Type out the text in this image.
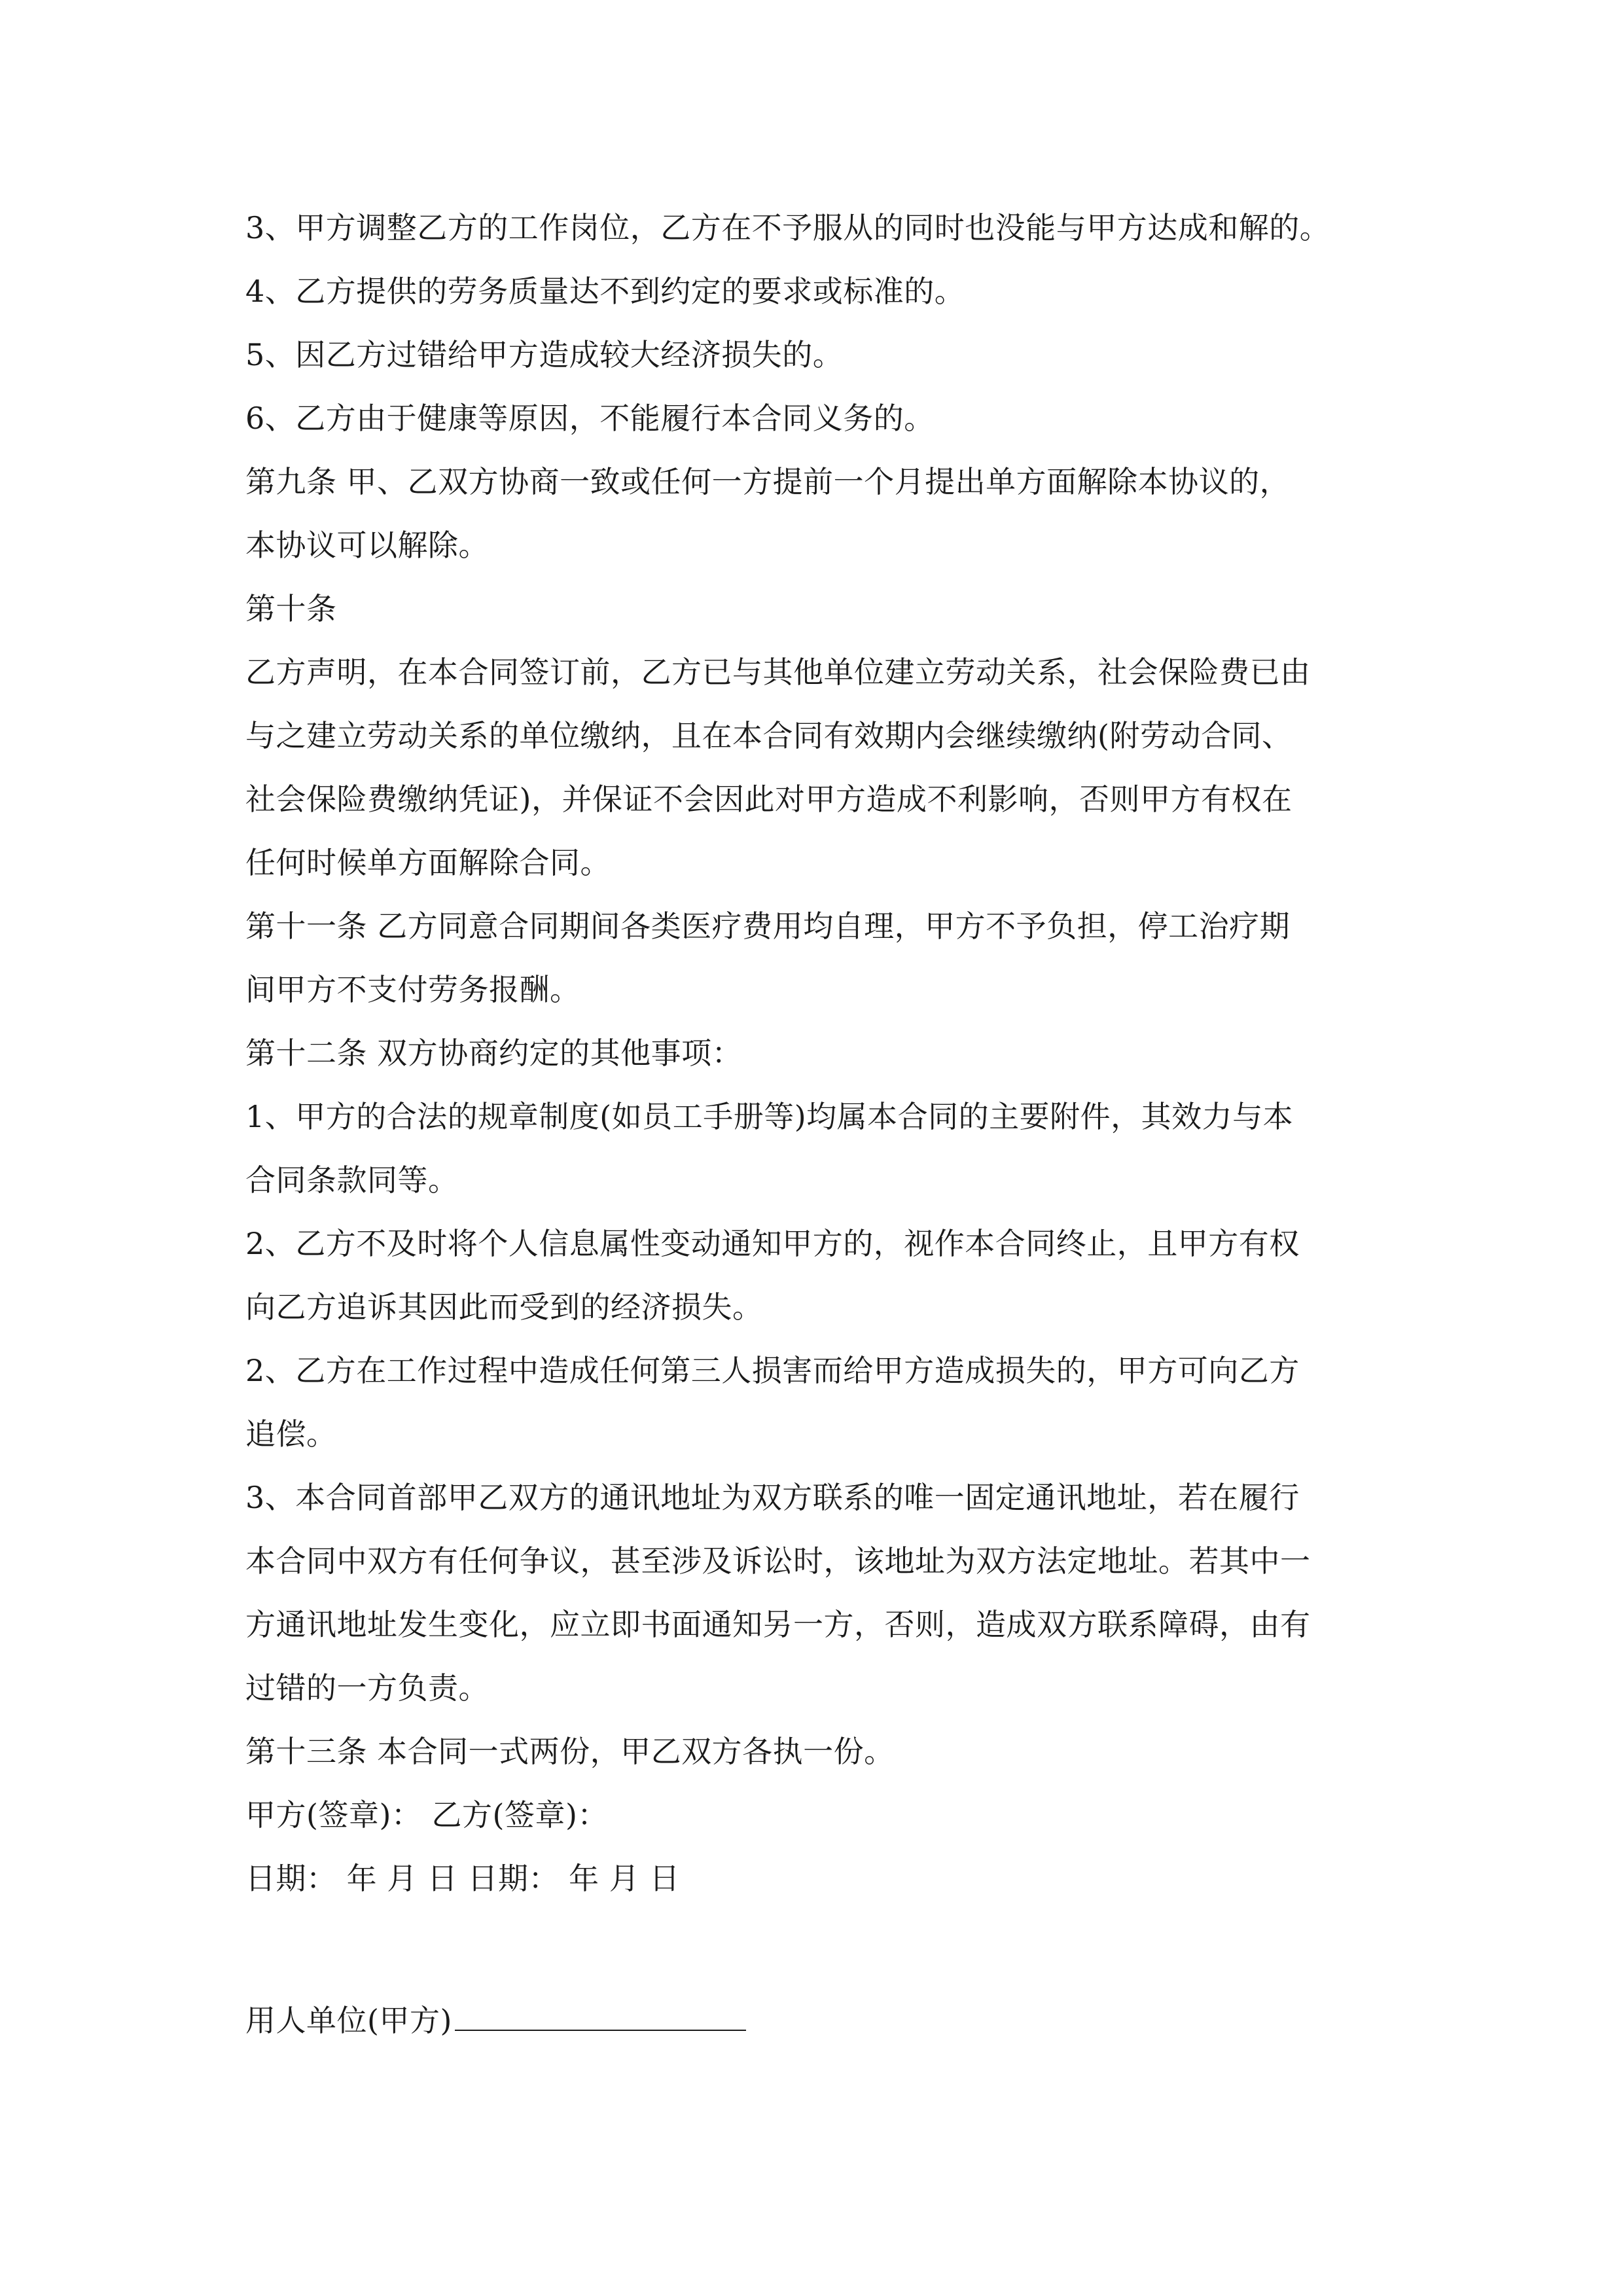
3、甲方调整乙方的工作岗位，乙方在不予服从的同时也没能与甲方达成和解的。
4、乙方提供的劳务质量达不到约定的要求或标准的。
5、因乙方过错给甲方造成较大经济损失的。
6、乙方由于健康等原因，不能履行本合同义务的。
第九条 甲、乙双方协商一致或任何一方提前一个月提出单方面解除本协议的，
本协议可以解除。
第十条
乙方声明，在本合同签订前，乙方已与其他单位建立劳动关系，社会保险费已由
与之建立劳动关系的单位缴纳，且在本合同有效期内会继续缴纳(附劳动合同、
社会保险费缴纳凭证)，并保证不会因此对甲方造成不利影响，否则甲方有权在
任何时候单方面解除合同。
第十一条 乙方同意合同期间各类医疗费用均自理，甲方不予负担，停工治疗期
间甲方不支付劳务报酬。
第十二条 双方协商约定的其他事项：
1、甲方的合法的规章制度(如员工手册等)均属本合同的主要附件，其效力与本
合同条款同等。
2、乙方不及时将个人信息属性变动通知甲方的，视作本合同终止，且甲方有权
向乙方追诉其因此而受到的经济损失。
2、乙方在工作过程中造成任何第三人损害而给甲方造成损失的，甲方可向乙方
追偿。
3、本合同首部甲乙双方的通讯地址为双方联系的唯一固定通讯地址，若在履行
本合同中双方有任何争议，甚至涉及诉讼时，该地址为双方法定地址。若其中一
方通讯地址发生变化，应立即书面通知另一方，否则，造成双方联系障碍，由有
过错的一方负责。
第十三条 本合同一式两份，甲乙双方各执一份。
甲方(签章)： 乙方(签章)：
日期： 年 月 日 日期： 年 月 日
用人单位(甲方)
